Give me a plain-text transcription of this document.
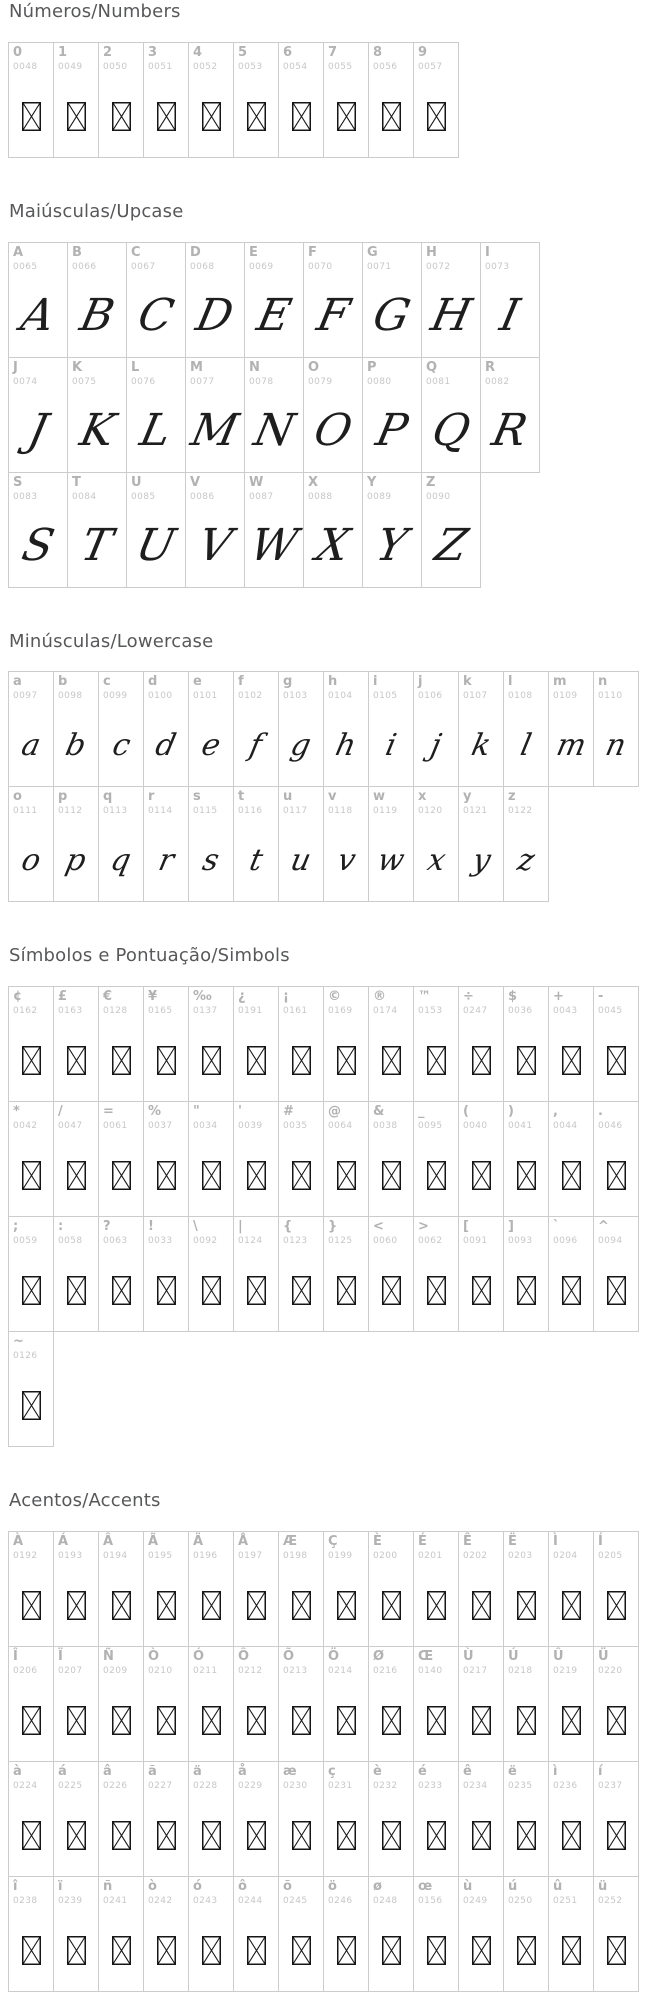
Números/Numbers
0
0048
1
0049
2
0050
3
0051
4
0052
5
0053
6
0054
7
0055
8
0056
9
0057
Maiúsculas/Upcase
A
0065
A
B
0066
B
C
0067
C
D
0068
D
E
0069
E
F
0070
F
G
0071
G
H
0072
H
I
0073
I
J
0074
J
K
0075
K
L
0076
L
M
0077
M
N
0078
N
O
0079
O
P
0080
P
Q
0081
Q
R
0082
R
S
0083
S
T
0084
T
U
0085
U
V
0086
V
W
0087
W
X
0088
X
Y
0089
Y
Z
0090
Z
Minúsculas/Lowercase
a
0097
a
b
0098
b
c
0099
c
d
0100
d
e
0101
e
f
0102
f
g
0103
g
h
0104
h
i
0105
i
j
0106
j
k
0107
k
l
0108
l
m
0109
m
n
0110
n
o
0111
o
p
0112
p
q
0113
q
r
0114
r
s
0115
s
t
0116
t
u
0117
u
v
0118
v
w
0119
w
x
0120
x
y
0121
y
z
0122
z
Símbolos e Pontuação/Simbols
¢
0162
£
0163
€
0128
¥
0165
‰
0137
¿
0191
¡
0161
©
0169
®
0174
™
0153
÷
0247
$
0036
+
0043
-
0045
*
0042
/
0047
=
0061
%
0037
"
0034
'
0039
#
0035
@
0064
&
0038
_
0095
(
0040
)
0041
,
0044
.
0046
;
0059
:
0058
?
0063
!
0033
\
0092
|
0124
{
0123
}
0125
<
0060
>
0062
[
0091
]
0093
`
0096
^
0094
~
0126
Acentos/Accents
À
0192
Á
0193
Â
0194
Ã
0195
Ä
0196
Å
0197
Æ
0198
Ç
0199
È
0200
É
0201
Ê
0202
Ë
0203
Ì
0204
Í
0205
Î
0206
Ï
0207
Ñ
0209
Ò
0210
Ó
0211
Ô
0212
Õ
0213
Ö
0214
Ø
0216
Œ
0140
Ù
0217
Ú
0218
Û
0219
Ü
0220
à
0224
á
0225
â
0226
ã
0227
ä
0228
å
0229
æ
0230
ç
0231
è
0232
é
0233
ê
0234
ë
0235
ì
0236
í
0237
î
0238
ï
0239
ñ
0241
ò
0242
ó
0243
ô
0244
õ
0245
ö
0246
ø
0248
œ
0156
ù
0249
ú
0250
û
0251
ü
0252
